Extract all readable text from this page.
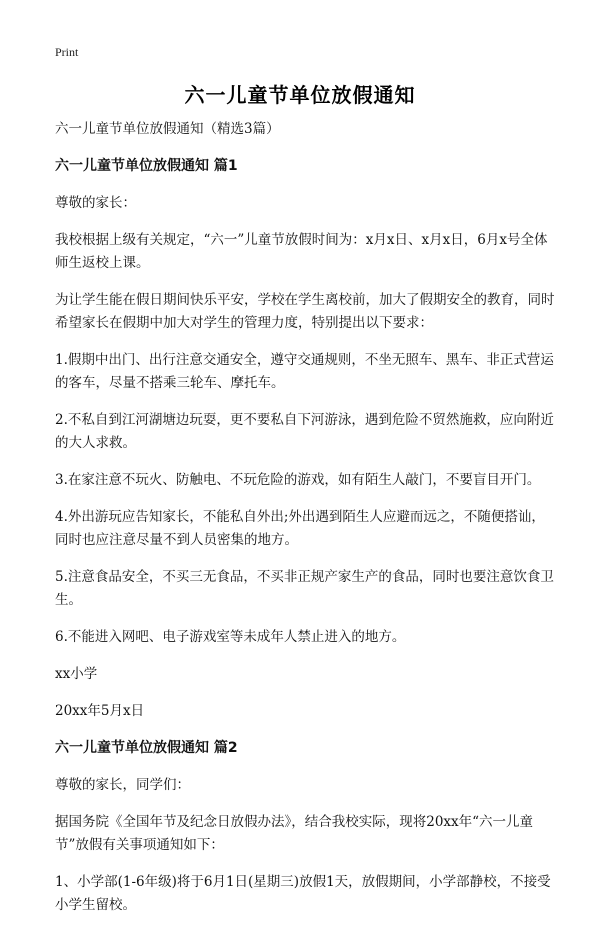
Print
六一儿童节单位放假通知

六一儿童节单位放假通知（精选3篇）

六一儿童节单位放假通知 篇1

尊敬的家长：

我校根据上级有关规定，“六一”儿童节放假时间为：x月x日、x月x日，6月x号全体师生返校上课。

为让学生能在假日期间快乐平安，学校在学生离校前，加大了假期安全的教育，同时希望家长在假期中加大对学生的管理力度，特别提出以下要求：

1.假期中出门、出行注意交通安全，遵守交通规则，不坐无照车、黑车、非正式营运的客车，尽量不搭乘三轮车、摩托车。

2.不私自到江河湖塘边玩耍，更不要私自下河游泳，遇到危险不贸然施救，应向附近的大人求救。

3.在家注意不玩火、防触电、不玩危险的游戏，如有陌生人敲门，不要盲目开门。

4.外出游玩应告知家长，不能私自外出;外出遇到陌生人应避而远之，不随便搭讪，同时也应注意尽量不到人员密集的地方。

5.注意食品安全，不买三无食品，不买非正规产家生产的食品，同时也要注意饮食卫生。

6.不能进入网吧、电子游戏室等未成年人禁止进入的地方。

xx小学

20xx年5月x日

六一儿童节单位放假通知 篇2

尊敬的家长，同学们：

据国务院《全国年节及纪念日放假办法》，结合我校实际，现将20xx年“六一儿童节”放假有关事项通知如下：

1、小学部(1-6年级)将于6月1日(星期三)放假1天，放假期间，小学部静校，不接受小学生留校。
